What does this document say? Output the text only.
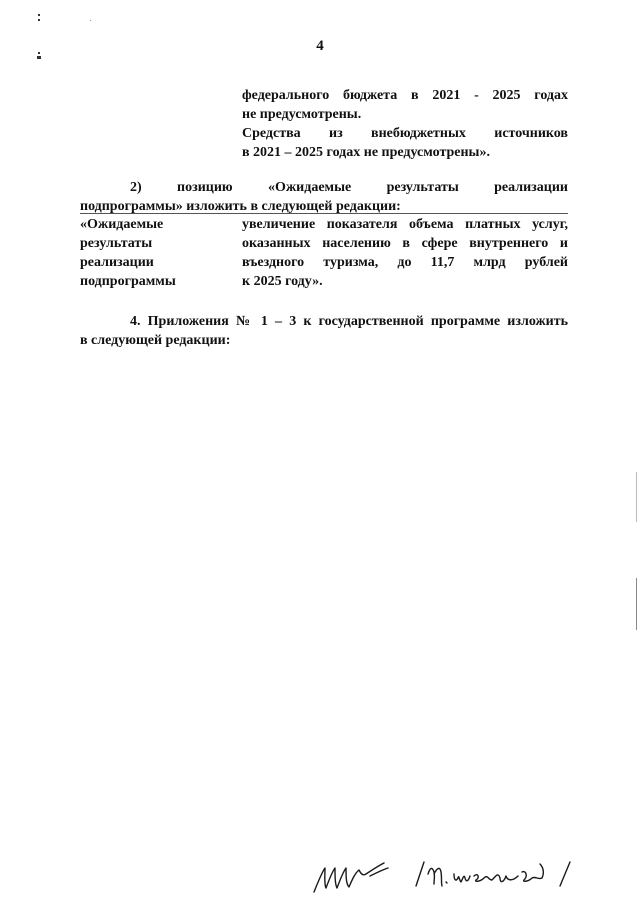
4
федерального бюджета в 2021 - 2025 годах
не предусмотрены.
Средства из внебюджетных источников
в 2021 – 2025 годах не предусмотрены».
2) позицию «Ожидаемые результаты реализации
подпрограммы» изложить в следующей редакции:
«Ожидаемые
результаты
реализации
подпрограммы
увеличение показателя объема платных услуг,
оказанных населению в сфере внутреннего и
въездного туризма, до 11,7 млрд рублей
к 2025 году».
4. Приложения № 1 – 3 к государственной программе изложить
в следующей редакции:
